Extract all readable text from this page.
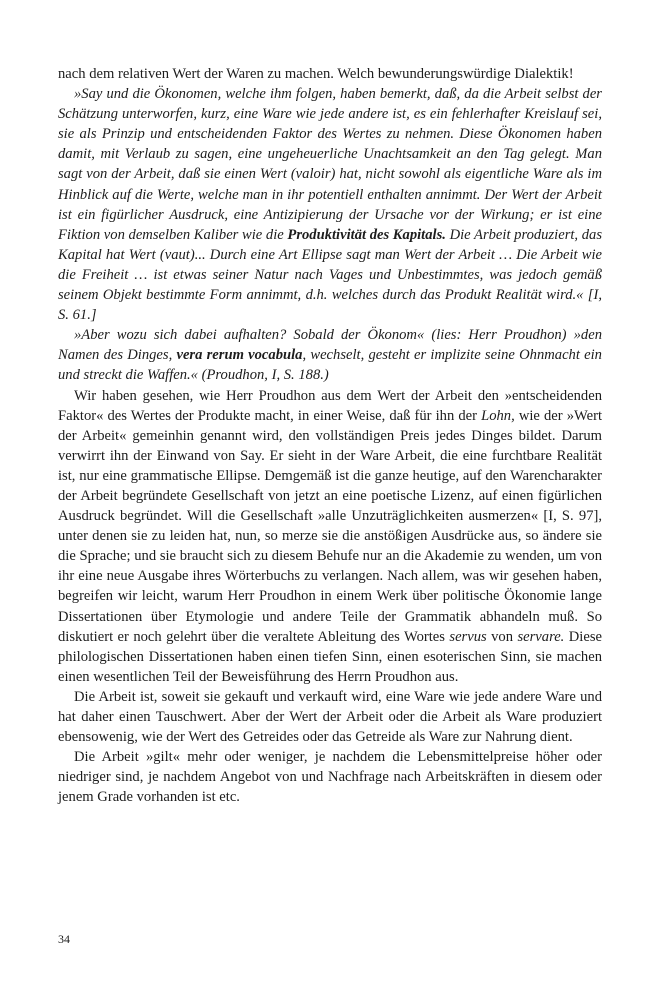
nach dem relativen Wert der Waren zu machen. Welch bewunderungswürdige Dialektik!

»Say und die Ökonomen, welche ihm folgen, haben bemerkt, daß, da die Arbeit selbst der Schätzung unterworfen, kurz, eine Ware wie jede andere ist, es ein fehlerhafter Kreislauf sei, sie als Prinzip und entscheidenden Faktor des Wertes zu nehmen. Diese Ökonomen haben damit, mit Verlaub zu sagen, eine ungeheuerliche Unachtsamkeit an den Tag gelegt. Man sagt von der Arbeit, daß sie einen Wert (valoir) hat, nicht sowohl als eigentliche Ware als im Hinblick auf die Werte, welche man in ihr potentiell enthalten annimmt. Der Wert der Arbeit ist ein figürlicher Ausdruck, eine Antizipierung der Ursache vor der Wirkung; er ist eine Fiktion von demselben Kaliber wie die Produktivität des Kapitals. Die Arbeit produziert, das Kapital hat Wert (vaut)... Durch eine Art Ellipse sagt man Wert der Arbeit … Die Arbeit wie die Freiheit … ist etwas seiner Natur nach Vages und Unbestimmtes, was jedoch gemäß seinem Objekt bestimmte Form annimmt, d.h. welches durch das Produkt Realität wird.« [I, S. 61.]

»Aber wozu sich dabei aufhalten? Sobald der Ökonom« (lies: Herr Proudhon) »den Namen des Dinges, vera rerum vocabula, wechselt, gesteht er implizite seine Ohnmacht ein und streckt die Waffen.« (Proudhon, I, S. 188.)

Wir haben gesehen, wie Herr Proudhon aus dem Wert der Arbeit den »entscheidenden Faktor« des Wertes der Produkte macht, in einer Weise, daß für ihn der Lohn, wie der »Wert der Arbeit« gemeinhin genannt wird, den vollständigen Preis jedes Dinges bildet. Darum verwirrt ihn der Einwand von Say. Er sieht in der Ware Arbeit, die eine furchtbare Realität ist, nur eine grammatische Ellipse. Demgemäß ist die ganze heutige, auf den Warencharakter der Arbeit begründete Gesellschaft von jetzt an eine poetische Lizenz, auf einen figürlichen Ausdruck begründet. Will die Gesellschaft »alle Unzuträglichkeiten ausmerzen« [I, S. 97], unter denen sie zu leiden hat, nun, so merze sie die anstößigen Ausdrücke aus, so ändere sie die Sprache; und sie braucht sich zu diesem Behufe nur an die Akademie zu wenden, um von ihr eine neue Ausgabe ihres Wörterbuchs zu verlangen. Nach allem, was wir gesehen haben, begreifen wir leicht, warum Herr Proudhon in einem Werk über politische Ökonomie lange Dissertationen über Etymologie und andere Teile der Grammatik abhandeln muß. So diskutiert er noch gelehrt über die veraltete Ableitung des Wortes servus von servare. Diese philologischen Dissertationen haben einen tiefen Sinn, einen esoterischen Sinn, sie machen einen wesentlichen Teil der Beweisführung des Herrn Proudhon aus.

Die Arbeit ist, soweit sie gekauft und verkauft wird, eine Ware wie jede andere Ware und hat daher einen Tauschwert. Aber der Wert der Arbeit oder die Arbeit als Ware produziert ebensowenig, wie der Wert des Getreides oder das Getreide als Ware zur Nahrung dient.

Die Arbeit »gilt« mehr oder weniger, je nachdem die Lebensmittelpreise höher oder niedriger sind, je nachdem Angebot von und Nachfrage nach Arbeitskräften in diesem oder jenem Grade vorhanden ist etc.

34
